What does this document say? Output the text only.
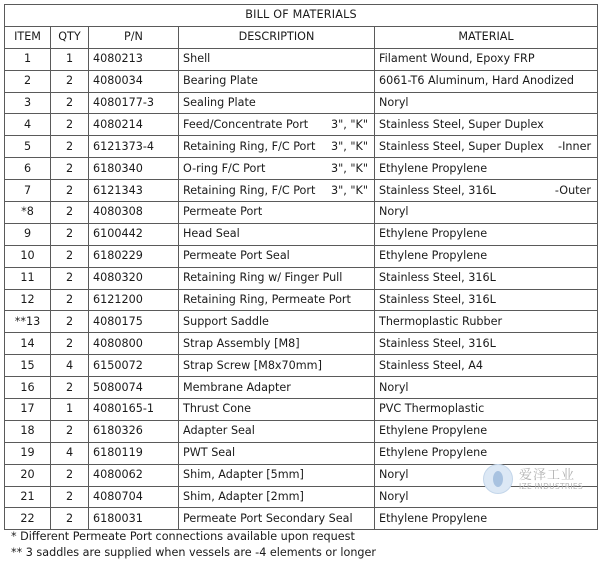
BILL OF MATERIALS				
ITEM	QTY	P/N	DESCRIPTION	MATERIAL
1	1	4080213	Shell	Filament Wound, Epoxy FRP

2	2	4080034	Bearing Plate	6061-T6 Aluminum, Hard Anodized

3	2	4080177-3	Sealing Plate	Noryl

4	2	4080214	Feed/Concentrate Port 3", "K"	Stainless Steel, Super Duplex

5	2	6121373-4	Retaining Ring, F/C Port 3", "K"	Stainless Steel, Super Duplex -Inner

6	2	6180340	O-ring F/C Port 3", "K"	Ethylene Propylene

7	2	6121343	Retaining Ring, F/C Port 3", "K"	Stainless Steel, 316L -Outer

*8	2	4080308	Permeate Port	Noryl

9	2	6100442	Head Seal	Ethylene Propylene

10	2	6180229	Permeate Port Seal	Ethylene Propylene

11	2	4080320	Retaining Ring w/ Finger Pull	Stainless Steel, 316L

12	2	6121200	Retaining Ring, Permeate Port	Stainless Steel, 316L

**13	2	4080175	Support Saddle	Thermoplastic Rubber

14	2	4080800	Strap Assembly [M8]	Stainless Steel, 316L

15	4	6150072	Strap Screw [M8x70mm]	Stainless Steel, A4

16	2	5080074	Membrane Adapter	Noryl

17	1	4080165-1	Thrust Cone	PVC Thermoplastic

18	2	6180326	Adapter Seal	Ethylene Propylene

19	4	6180119	PWT Seal	Ethylene Propylene

20	2	4080062	Shim, Adapter [5mm]	Noryl

21	2	4080704	Shim, Adapter [2mm]	Noryl

22	2	6180031	Permeate Port Secondary Seal	Ethylene Propylene
* Different Permeate Port connections available upon request
** 3 saddles are supplied when vessels are -4 elements or longer
爱泽工业
IZE INDUSTRIES
